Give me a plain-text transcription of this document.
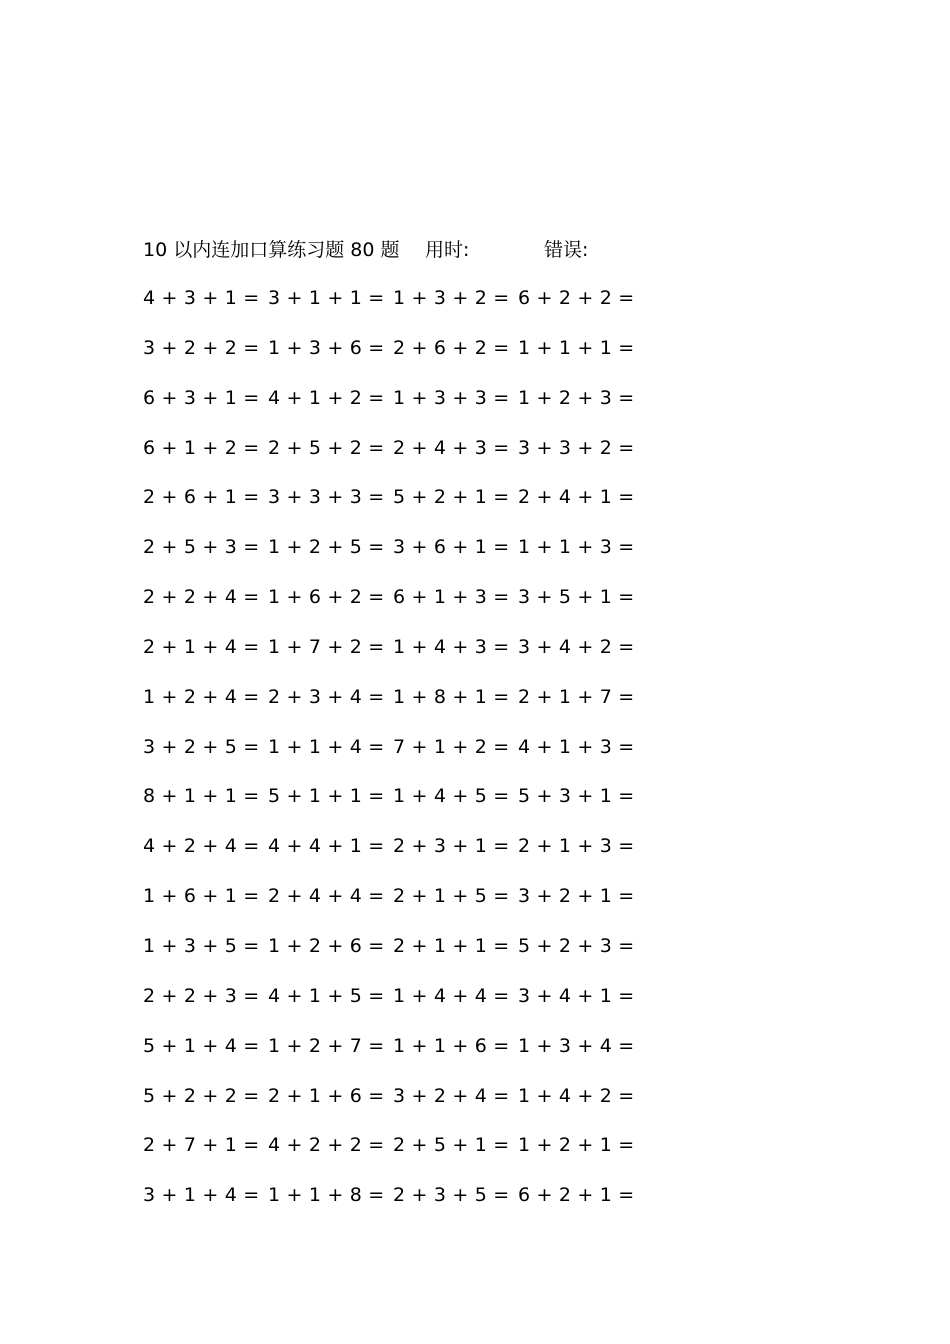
10 以内连加口算练习题 80 题 用时:	错误:
4 + 3 + 1 = 3 + 1 + 1 = 1 + 3 + 2 = 6 + 2 + 2 =
3 + 2 + 2 = 1 + 3 + 6 = 2 + 6 + 2 = 1 + 1 + 1 =
6 + 3 + 1 = 4 + 1 + 2 = 1 + 3 + 3 = 1 + 2 + 3 =
6 + 1 + 2 = 2 + 5 + 2 = 2 + 4 + 3 = 3 + 3 + 2 =
2 + 6 + 1 = 3 + 3 + 3 = 5 + 2 + 1 = 2 + 4 + 1 =
2 + 5 + 3 = 1 + 2 + 5 = 3 + 6 + 1 = 1 + 1 + 3 =
2 + 2 + 4 = 1 + 6 + 2 = 6 + 1 + 3 = 3 + 5 + 1 =
2 + 1 + 4 = 1 + 7 + 2 = 1 + 4 + 3 = 3 + 4 + 2 =
1 + 2 + 4 = 2 + 3 + 4 = 1 + 8 + 1 = 2 + 1 + 7 =
3 + 2 + 5 = 1 + 1 + 4 = 7 + 1 + 2 = 4 + 1 + 3 =
8 + 1 + 1 = 5 + 1 + 1 = 1 + 4 + 5 = 5 + 3 + 1 =
4 + 2 + 4 = 4 + 4 + 1 = 2 + 3 + 1 = 2 + 1 + 3 =
1 + 6 + 1 = 2 + 4 + 4 = 2 + 1 + 5 = 3 + 2 + 1 =
1 + 3 + 5 = 1 + 2 + 6 = 2 + 1 + 1 = 5 + 2 + 3 =
2 + 2 + 3 = 4 + 1 + 5 = 1 + 4 + 4 = 3 + 4 + 1 =
5 + 1 + 4 = 1 + 2 + 7 = 1 + 1 + 6 = 1 + 3 + 4 =
5 + 2 + 2 = 2 + 1 + 6 = 3 + 2 + 4 = 1 + 4 + 2 =
2 + 7 + 1 = 4 + 2 + 2 = 2 + 5 + 1 = 1 + 2 + 1 =
3 + 1 + 4 = 1 + 1 + 8 = 2 + 3 + 5 = 6 + 2 + 1 =
